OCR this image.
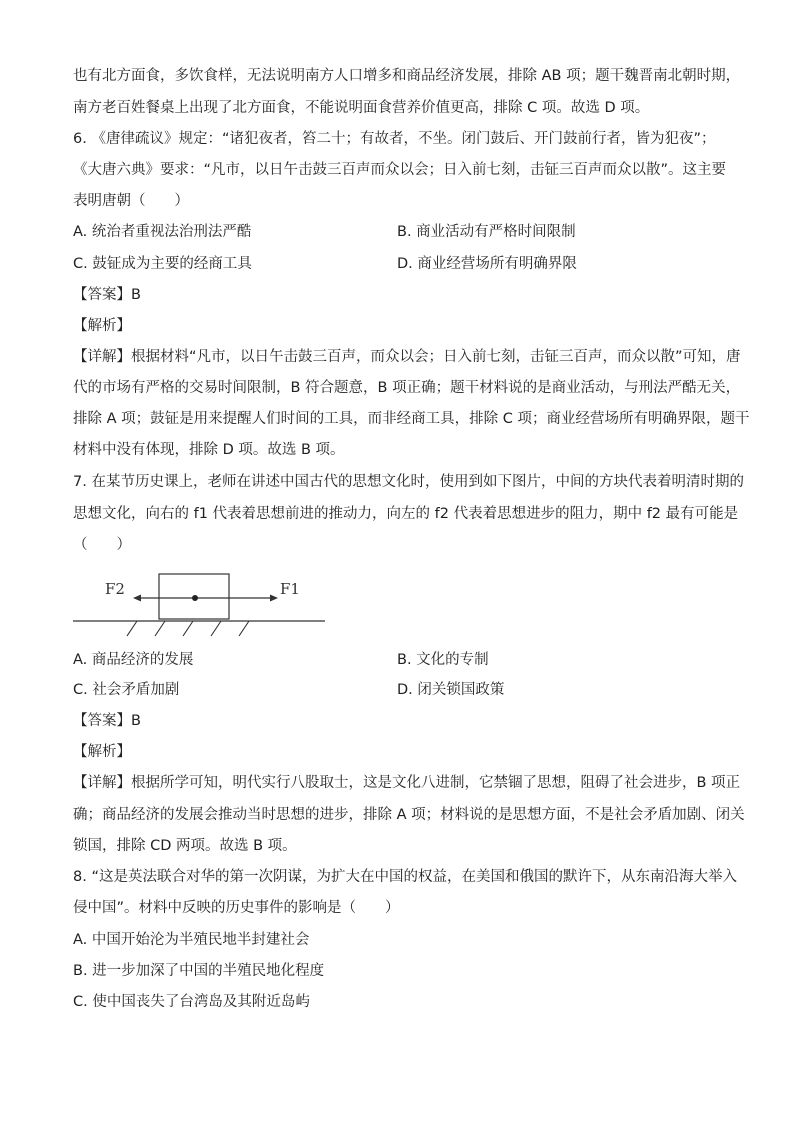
也有北方面食，多饮食样，无法说明南方人口增多和商品经济发展，排除 AB 项；题干魏晋南北朝时期，
南方老百姓餐桌上出现了北方面食，不能说明面食营养价值更高，排除 C 项。故选 D 项。
6. 《唐律疏议》规定：“诸犯夜者，笞二十；有故者，不坐。闭门鼓后、开门鼓前行者，皆为犯夜”；
《大唐六典》要求：“凡市，以日午击鼓三百声而众以会；日入前七刻，击钲三百声而众以散”。这主要
表明唐朝（　　）
A. 统治者重视法治刑法严酷	B. 商业活动有严格时间限制
C. 鼓钲成为主要的经商工具	D. 商业经营场所有明确界限
【答案】B
【解析】
【详解】根据材料“凡市，以日午击鼓三百声，而众以会；日入前七刻，击钲三百声，而众以散”可知，唐
代的市场有严格的交易时间限制，B 符合题意，B 项正确；题干材料说的是商业活动，与刑法严酷无关，
排除 A 项；鼓钲是用来提醒人们时间的工具，而非经商工具，排除 C 项；商业经营场所有明确界限，题干
材料中没有体现，排除 D 项。故选 B 项。
7. 在某节历史课上，老师在讲述中国古代的思想文化时，使用到如下图片，中间的方块代表着明清时期的
思想文化，向右的 f1 代表着思想前进的推动力，向左的 f2 代表着思想进步的阻力，期中 f2 最有可能是
（　　）
F2	F1
A. 商品经济的发展	B. 文化的专制
C. 社会矛盾加剧	D. 闭关锁国政策
【答案】B
【解析】
【详解】根据所学可知，明代实行八股取士，这是文化八进制，它禁锢了思想，阻碍了社会进步，B 项正
确；商品经济的发展会推动当时思想的进步，排除 A 项；材料说的是思想方面，不是社会矛盾加剧、闭关
锁国，排除 CD 两项。故选 B 项。
8. “这是英法联合对华的第一次阴谋，为扩大在中国的权益，在美国和俄国的默许下，从东南沿海大举入
侵中国”。材料中反映的历史事件的影响是（　　）
A. 中国开始沦为半殖民地半封建社会
B. 进一步加深了中国的半殖民地化程度
C. 使中国丧失了台湾岛及其附近岛屿
